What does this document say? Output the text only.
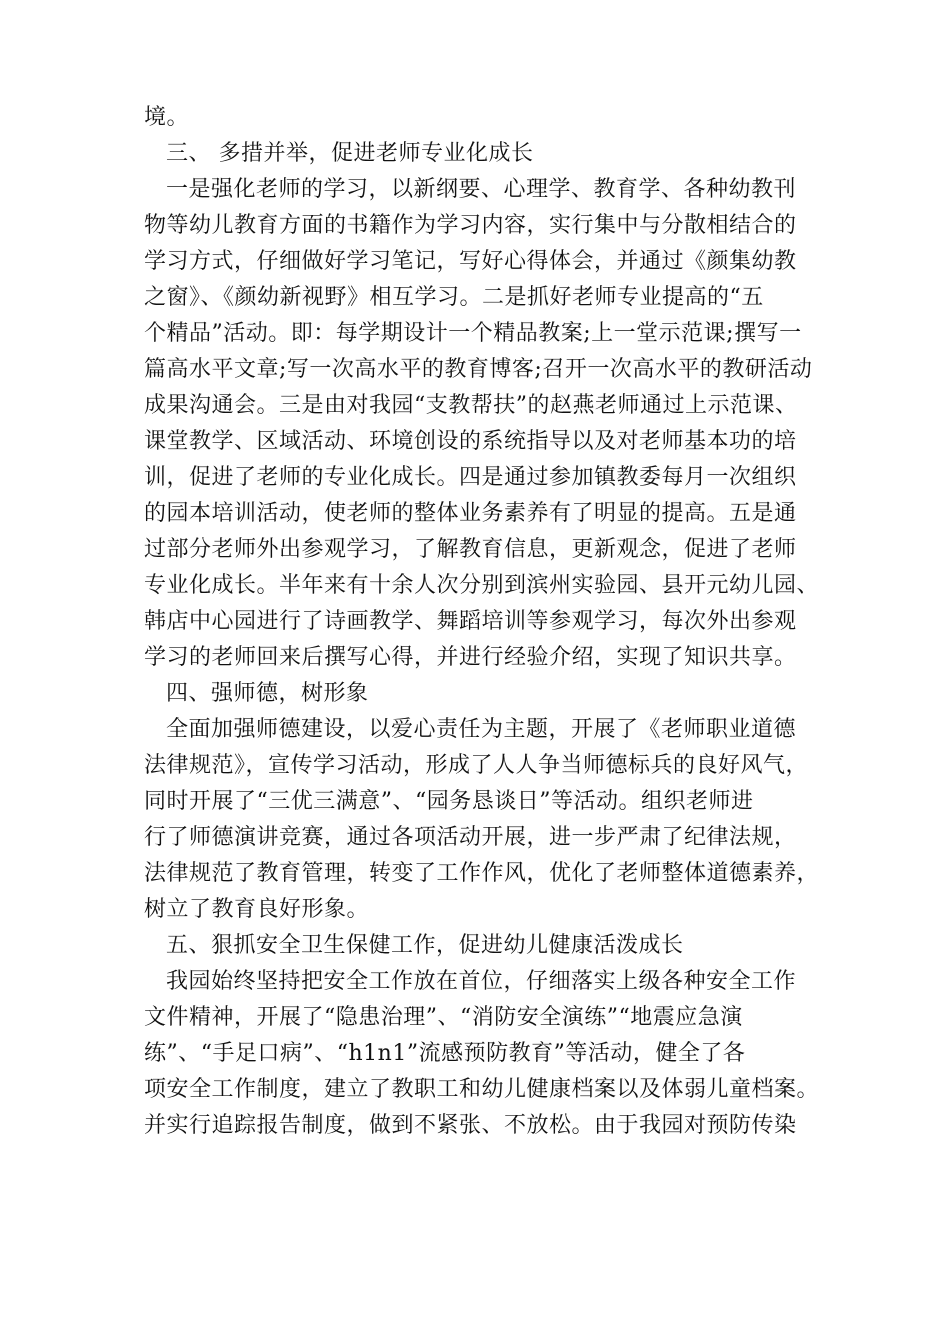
境。
三、 多措并举，促进老师专业化成长
一是强化老师的学习，以新纲要、心理学、教育学、各种幼教刊
物等幼儿教育方面的书籍作为学习内容，实行集中与分散相结合的
学习方式，仔细做好学习笔记，写好心得体会，并通过《颜集幼教
之窗》、《颜幼新视野》相互学习。二是抓好老师专业提高的“五
个精品”活动。即：每学期设计一个精品教案;上一堂示范课;撰写一
篇高水平文章;写一次高水平的教育博客;召开一次高水平的教研活动
成果沟通会。三是由对我园“支教帮扶”的赵燕老师通过上示范课、
课堂教学、区域活动、环境创设的系统指导以及对老师基本功的培
训，促进了老师的专业化成长。四是通过参加镇教委每月一次组织
的园本培训活动，使老师的整体业务素养有了明显的提高。五是通
过部分老师外出参观学习，了解教育信息，更新观念，促进了老师
专业化成长。半年来有十余人次分别到滨州实验园、县开元幼儿园、
韩店中心园进行了诗画教学、舞蹈培训等参观学习，每次外出参观
学习的老师回来后撰写心得，并进行经验介绍，实现了知识共享。
四、强师德，树形象
全面加强师德建设，以爱心责任为主题，开展了《老师职业道德
法律规范》，宣传学习活动，形成了人人争当师德标兵的良好风气，
同时开展了“三优三满意”、“园务恳谈日”等活动。组织老师进
行了师德演讲竞赛，通过各项活动开展，进一步严肃了纪律法规，
法律规范了教育管理，转变了工作作风，优化了老师整体道德素养，
树立了教育良好形象。
五、狠抓安全卫生保健工作，促进幼儿健康活泼成长
我园始终坚持把安全工作放在首位，仔细落实上级各种安全工作
文件精神，开展了“隐患治理”、“消防安全演练”“地震应急演
练”、“手足口病”、“h1n1”流感预防教育”等活动，健全了各
项安全工作制度，建立了教职工和幼儿健康档案以及体弱儿童档案。
并实行追踪报告制度，做到不紧张、不放松。由于我园对预防传染
